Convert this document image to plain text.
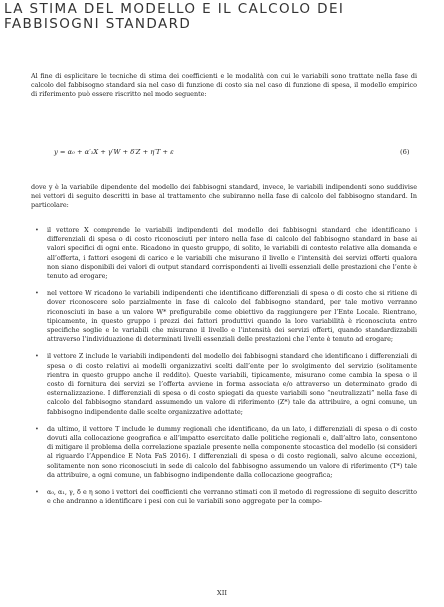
LA STIMA DEL MODELLO E IL CALCOLO DEI FABBISOGNI STANDARD

Al fine di esplicitare le tecniche di stima dei coefficienti e le modalità con cui le variabili sono trattate nella fase di calcolo del fabbisogno standard sia nel caso di funzione di costo sia nel caso di funzione di spesa, il modello empirico di riferimento può essere riscritto nel modo seguente:

y = α₀ + α′₁X + γ′W + δ′Z + η′T + ε	(6)

dove y è la variabile dipendente del modello dei fabbisogni standard, invece, le variabili indipendenti sono suddivise nei vettori di seguito descritti in base al trattamento che subiranno nella fase di calcolo del fabbisogno standard. In particolare:

• il vettore X comprende le variabili indipendenti del modello dei fabbisogni standard che identificano i differenziali di spesa o di costo riconosciuti per intero nella fase di calcolo del fabbisogno standard in base ai valori specifici di ogni ente. Ricadono in questo gruppo, di solito, le variabili di contesto relative alla domanda e all’offerta, i fattori esogeni di carico e le variabili che misurano il livello e l’intensità dei servizi offerti qualora non siano disponibili dei valori di output standard corrispondenti ai livelli essenziali delle prestazioni che l’ente è tenuto ad erogare;
• nel vettore W ricadono le variabili indipendenti che identificano differenziali di spesa o di costo che si ritiene di dover riconoscere solo parzialmente in fase di calcolo del fabbisogno standard, per tale motivo verranno riconosciuti in base a un valore W* prefigurabile come obiettivo da raggiungere per l’Ente Locale. Rientrano, tipicamente, in questo gruppo i prezzi dei fattori produttivi quando la loro variabilità è riconosciuta entro specifiche soglie e le variabili che misurano il livello e l’intensità dei servizi offerti, quando standardizzabili attraverso l’individuazione di determinati livelli essenziali delle prestazioni che l’ente è tenuto ad erogare;
• il vettore Z include le variabili indipendenti del modello dei fabbisogni standard che identificano i differenziali di spesa o di costo relativi ai modelli organizzativi scelti dall’ente per lo svolgimento del servizio (solitamente rientra in questo gruppo anche il reddito). Queste variabili, tipicamente, misurano come cambia la spesa o il costo di fornitura dei servizi se l’offerta avviene in forma associata e/o attraverso un determinato grado di esternalizzazione. I differenziali di spesa o di costo spiegati da queste variabili sono “neutralizzati” nella fase di calcolo del fabbisogno standard assumendo un valore di riferimento (Z*) tale da attribuire, a ogni comune, un fabbisogno indipendente dalle scelte organizzative adottate;
• da ultimo, il vettore T include le dummy regionali che identificano, da un lato, i differenziali di spesa o di costo dovuti alla collocazione geografica e all’impatto esercitato dalle politiche regionali e, dall’altro lato, consentono di mitigare il problema della correlazione spaziale presente nella componente stocastica del modello (si consideri al riguardo l’Appendice E Nota FaS 2016). I differenziali di spesa o di costo regionali, salvo alcune eccezioni, solitamente non sono riconosciuti in sede di calcolo del fabbisogno assumendo un valore di riferimento (T*) tale da attribuire, a ogni comune, un fabbisogno indipendente dalla collocazione geografica;
• α₀, α₁, γ, δ e η sono i vettori dei coefficienti che verranno stimati con il metodo di regressione di seguito descritto e che andranno a identificare i pesi con cui le variabili sono aggregate per la compo-

XII
